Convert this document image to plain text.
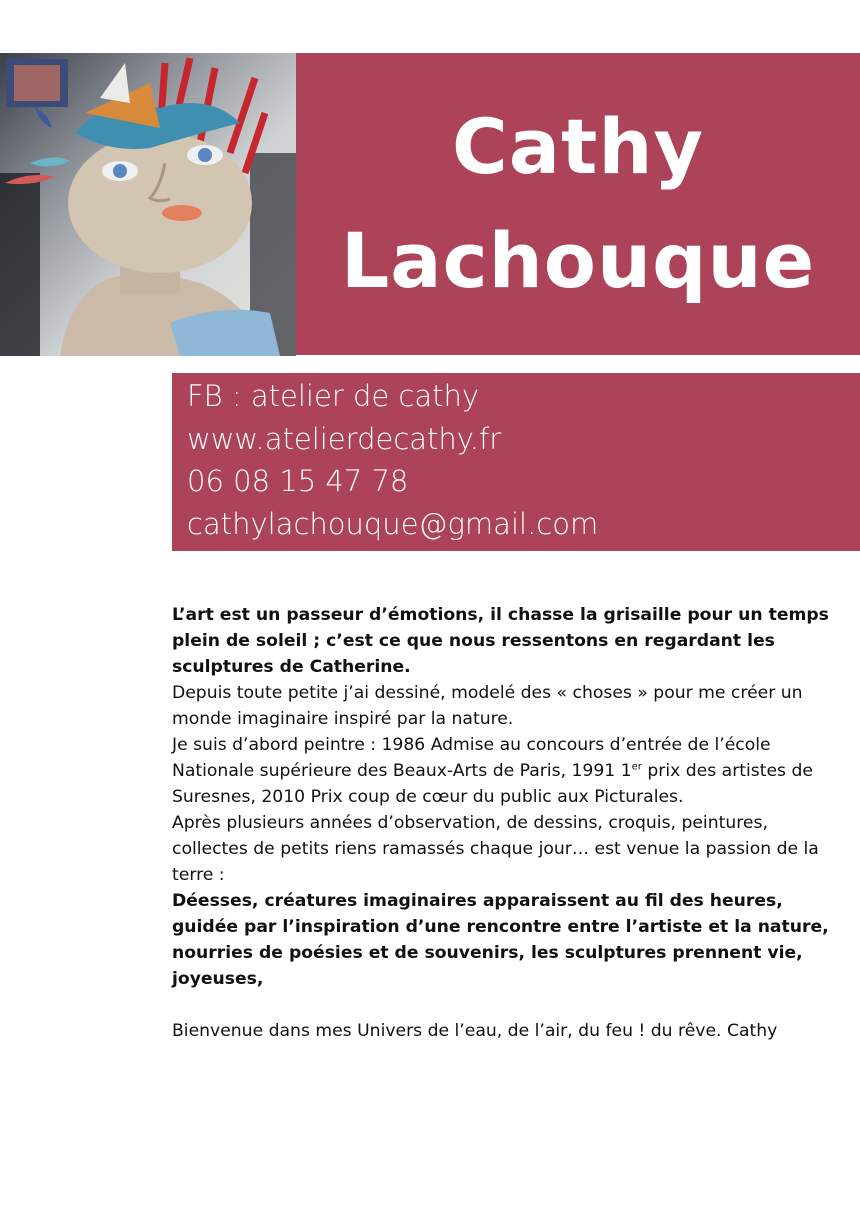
Cathy
Lachouque
FB : atelier de cathy
www.atelierdecathy.fr
06 08 15 47 78
cathylachouque@gmail.com

L’art est un passeur d’émotions, il chasse la grisaille pour un temps plein de soleil ; c’est ce que nous ressentons en regardant les sculptures de Catherine.

Depuis toute petite j’ai dessiné, modelé des « choses » pour me créer un monde imaginaire inspiré par la nature.

Je suis d’abord peintre : 1986 Admise au concours d’entrée de l’école Nationale supérieure des Beaux-Arts de Paris, 1991 1er prix des artistes de Suresnes, 2010 Prix coup de cœur du public aux Picturales.

Après plusieurs années d’observation, de dessins, croquis, peintures, collectes de petits riens ramassés chaque jour… est venue la passion de la terre :

Déesses, créatures imaginaires apparaissent au fil des heures, guidée par l’inspiration d’une rencontre entre l’artiste et la nature, nourries de poésies et de souvenirs, les sculptures prennent vie, joyeuses,

Bienvenue dans mes Univers de l’eau, de l’air, du feu ! du rêve. Cathy
